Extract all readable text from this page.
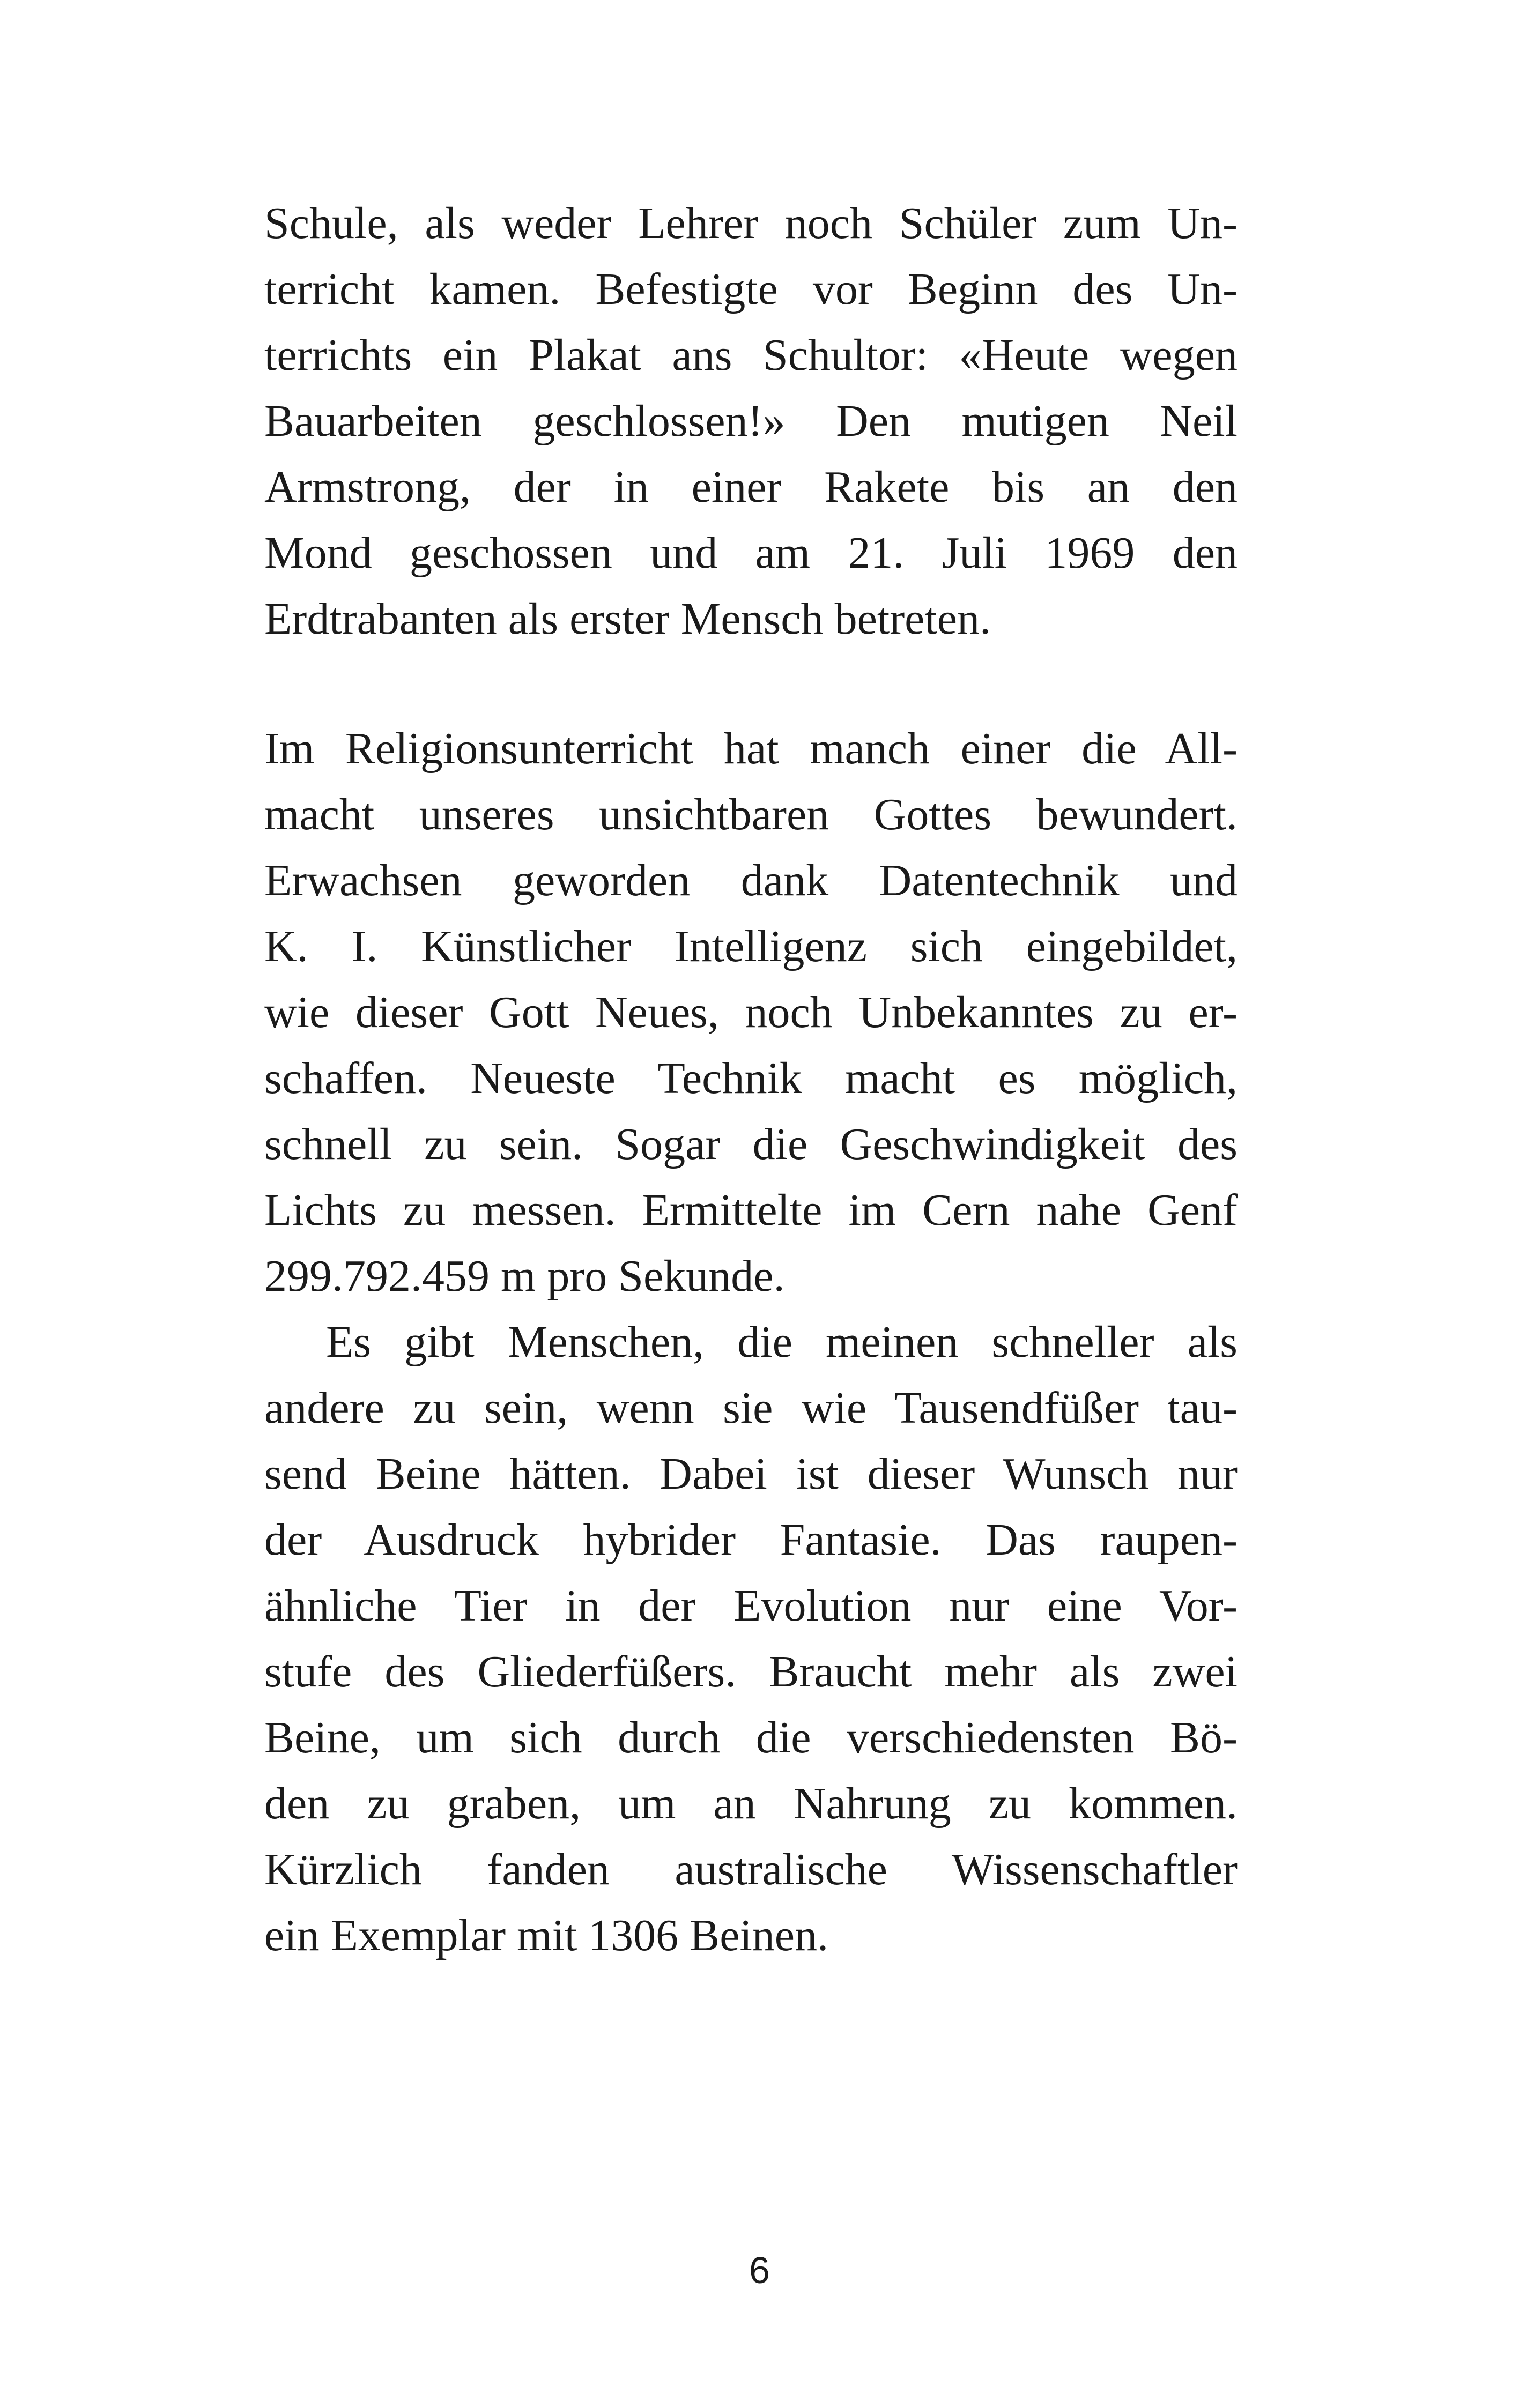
Schule, als weder Lehrer noch Schüler zum Un-
terricht kamen. Befestigte vor Beginn des Un-
terrichts ein Plakat ans Schultor: «Heute wegen
Bauarbeiten geschlossen!» Den mutigen Neil
Armstrong, der in einer Rakete bis an den
Mond geschossen und am 21. Juli 1969 den
Erdtrabanten als erster Mensch betreten.
Im Religionsunterricht hat manch einer die All-
macht unseres unsichtbaren Gottes bewundert.
Erwachsen geworden dank Datentechnik und
K. I. Künstlicher Intelligenz sich eingebildet,
wie dieser Gott Neues, noch Unbekanntes zu er-
schaffen. Neueste Technik macht es möglich,
schnell zu sein. Sogar die Geschwindigkeit des
Lichts zu messen. Ermittelte im Cern nahe Genf
299.792.459 m pro Sekunde.
Es gibt Menschen, die meinen schneller als
andere zu sein, wenn sie wie Tausendfüßer tau-
send Beine hätten. Dabei ist dieser Wunsch nur
der Ausdruck hybrider Fantasie. Das raupen-
ähnliche Tier in der Evolution nur eine Vor-
stufe des Gliederfüßers. Braucht mehr als zwei
Beine, um sich durch die verschiedensten Bö-
den zu graben, um an Nahrung zu kommen.
Kürzlich fanden australische Wissenschaftler
ein Exemplar mit 1306 Beinen.
6
